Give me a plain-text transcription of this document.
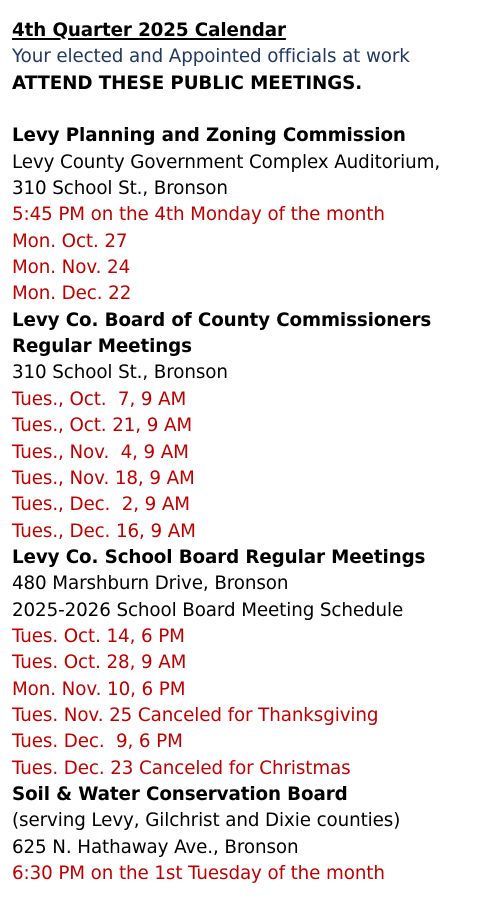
4th Quarter 2025 Calendar
Your elected and Appointed officials at work
ATTEND THESE PUBLIC MEETINGS.
Levy Planning and Zoning Commission
Levy County Government Complex Auditorium,
310 School St., Bronson
5:45 PM on the 4th Monday of the month
Mon. Oct. 27
Mon. Nov. 24
Mon. Dec. 22
Levy Co. Board of County Commissioners
Regular Meetings
310 School St., Bronson
Tues., Oct.  7, 9 AM
Tues., Oct. 21, 9 AM
Tues., Nov.  4, 9 AM
Tues., Nov. 18, 9 AM
Tues., Dec.  2, 9 AM
Tues., Dec. 16, 9 AM
Levy Co. School Board Regular Meetings
480 Marshburn Drive, Bronson
2025-2026 School Board Meeting Schedule
Tues. Oct. 14, 6 PM
Tues. Oct. 28, 9 AM
Mon. Nov. 10, 6 PM
Tues. Nov. 25 Canceled for Thanksgiving
Tues. Dec.  9, 6 PM
Tues. Dec. 23 Canceled for Christmas
Soil & Water Conservation Board
(serving Levy, Gilchrist and Dixie counties)
625 N. Hathaway Ave., Bronson
6:30 PM on the 1st Tuesday of the month
